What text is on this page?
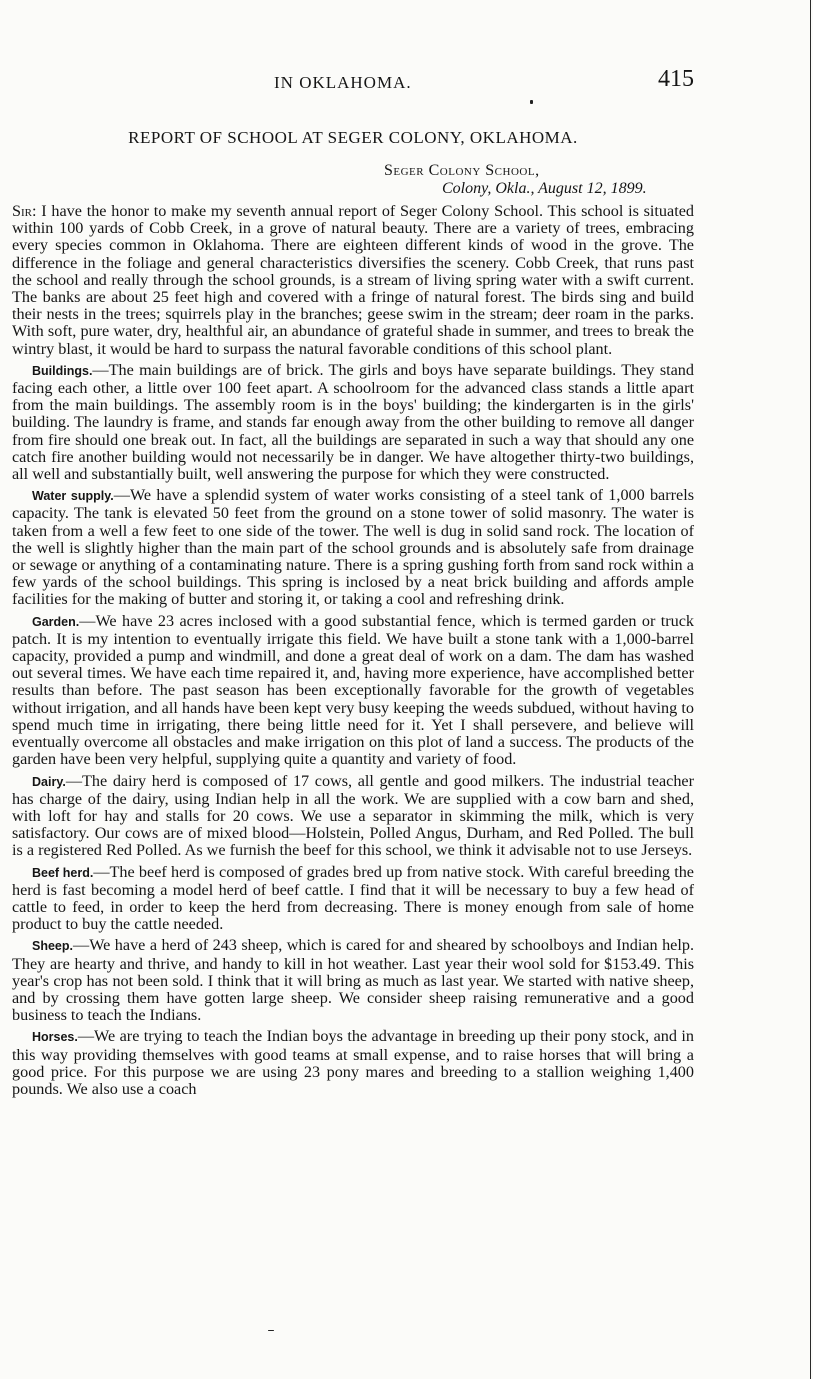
IN OKLAHOMA.	415
REPORT OF SCHOOL AT SEGER COLONY, OKLAHOMA.
Seger Colony School,
Colony, Okla., August 12, 1899.

Sir: I have the honor to make my seventh annual report of Seger Colony School. This school is situated within 100 yards of Cobb Creek, in a grove of natural beauty. There are a variety of trees, embracing every species common in Oklahoma. There are eighteen different kinds of wood in the grove. The difference in the foliage and general characteristics diversifies the scenery. Cobb Creek, that runs past the school and really through the school grounds, is a stream of living spring water with a swift current. The banks are about 25 feet high and covered with a fringe of natural forest. The birds sing and build their nests in the trees; squirrels play in the branches; geese swim in the stream; deer roam in the parks. With soft, pure water, dry, healthful air, an abundance of grateful shade in summer, and trees to break the wintry blast, it would be hard to surpass the natural favorable conditions of this school plant.

Buildings.—The main buildings are of brick. The girls and boys have separate buildings. They stand facing each other, a little over 100 feet apart. A schoolroom for the advanced class stands a little apart from the main buildings. The assembly room is in the boys' building; the kindergarten is in the girls' building. The laundry is frame, and stands far enough away from the other building to remove all danger from fire should one break out. In fact, all the buildings are separated in such a way that should any one catch fire another building would not necessarily be in danger. We have altogether thirty-two buildings, all well and substantially built, well answering the purpose for which they were constructed.

Water supply.—We have a splendid system of water works consisting of a steel tank of 1,000 barrels capacity. The tank is elevated 50 feet from the ground on a stone tower of solid masonry. The water is taken from a well a few feet to one side of the tower. The well is dug in solid sand rock. The location of the well is slightly higher than the main part of the school grounds and is absolutely safe from drainage or sewage or anything of a contaminating nature. There is a spring gushing forth from sand rock within a few yards of the school buildings. This spring is inclosed by a neat brick building and affords ample facilities for the making of butter and storing it, or taking a cool and refreshing drink.

Garden.—We have 23 acres inclosed with a good substantial fence, which is termed garden or truck patch. It is my intention to eventually irrigate this field. We have built a stone tank with a 1,000-barrel capacity, provided a pump and windmill, and done a great deal of work on a dam. The dam has washed out several times. We have each time repaired it, and, having more experience, have accomplished better results than before. The past season has been exceptionally favorable for the growth of vegetables without irrigation, and all hands have been kept very busy keeping the weeds subdued, without having to spend much time in irrigating, there being little need for it. Yet I shall persevere, and believe will eventually overcome all obstacles and make irrigation on this plot of land a success. The products of the garden have been very helpful, supplying quite a quantity and variety of food.

Dairy.—The dairy herd is composed of 17 cows, all gentle and good milkers. The industrial teacher has charge of the dairy, using Indian help in all the work. We are supplied with a cow barn and shed, with loft for hay and stalls for 20 cows. We use a separator in skimming the milk, which is very satisfactory. Our cows are of mixed blood—Holstein, Polled Angus, Durham, and Red Polled. The bull is a registered Red Polled. As we furnish the beef for this school, we think it advisable not to use Jerseys.

Beef herd.—The beef herd is composed of grades bred up from native stock. With careful breeding the herd is fast becoming a model herd of beef cattle. I find that it will be necessary to buy a few head of cattle to feed, in order to keep the herd from decreasing. There is money enough from sale of home product to buy the cattle needed.

Sheep.—We have a herd of 243 sheep, which is cared for and sheared by schoolboys and Indian help. They are hearty and thrive, and handy to kill in hot weather. Last year their wool sold for $153.49. This year's crop has not been sold. I think that it will bring as much as last year. We started with native sheep, and by crossing them have gotten large sheep. We consider sheep raising remunerative and a good business to teach the Indians.

Horses.—We are trying to teach the Indian boys the advantage in breeding up their pony stock, and in this way providing themselves with good teams at small expense, and to raise horses that will bring a good price. For this purpose we are using 23 pony mares and breeding to a stallion weighing 1,400 pounds. We also use a coach
